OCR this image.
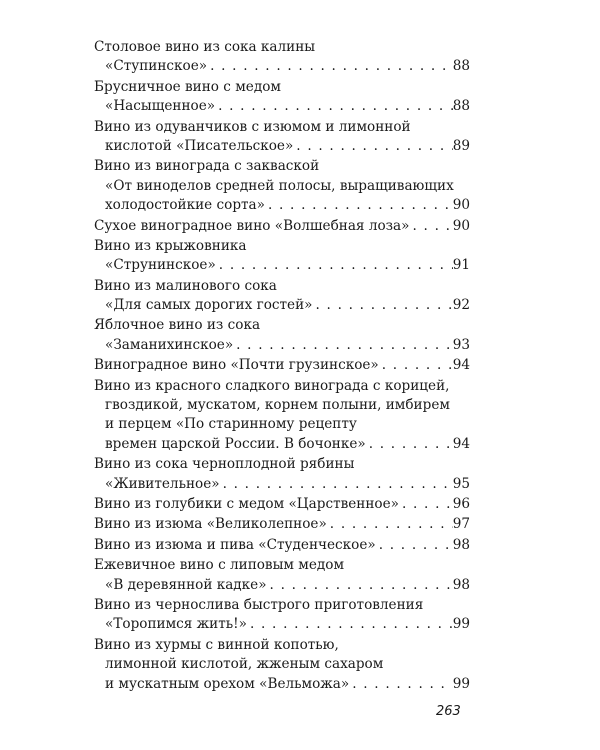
Столовое вино из сока калины
«Ступинское» . . .	88
Брусничное вино с медом
«Насыщенное» . . .	88
Вино из одуванчиков с изюмом и лимонной
кислотой «Писательское» . . .	89
Вино из винограда с закваской
«От виноделов средней полосы, выращивающих
холодостойкие сорта» . . .	90
Сухое виноградное вино «Волшебная лоза» . . .	90
Вино из крыжовника
«Струнинское» . . .	91
Вино из малинового сока
«Для самых дорогих гостей» . . .	92
Яблочное вино из сока
«Заманихинское» . . .	93
Виноградное вино «Почти грузинское» . . .	94
Вино из красного сладкого винограда с корицей,
гвоздикой, мускатом, корнем полыни, имбирем
и перцем «По старинному рецепту
времен царской России. В бочонке» . . .	94
Вино из сока черноплодной рябины
«Живительное» . . .	95
Вино из голубики с медом «Царственное» . . .	96
Вино из изюма «Великолепное» . . .	97
Вино из изюма и пива «Студенческое» . . .	98
Ежевичное вино с липовым медом
«В деревянной кадке» . . .	98
Вино из чернослива быстрого приготовления
«Торопимся жить!» . . .	99
Вино из хурмы с винной копотью,
лимонной кислотой, жженым сахаром
и мускатным орехом «Вельможа» . . .	99
263
